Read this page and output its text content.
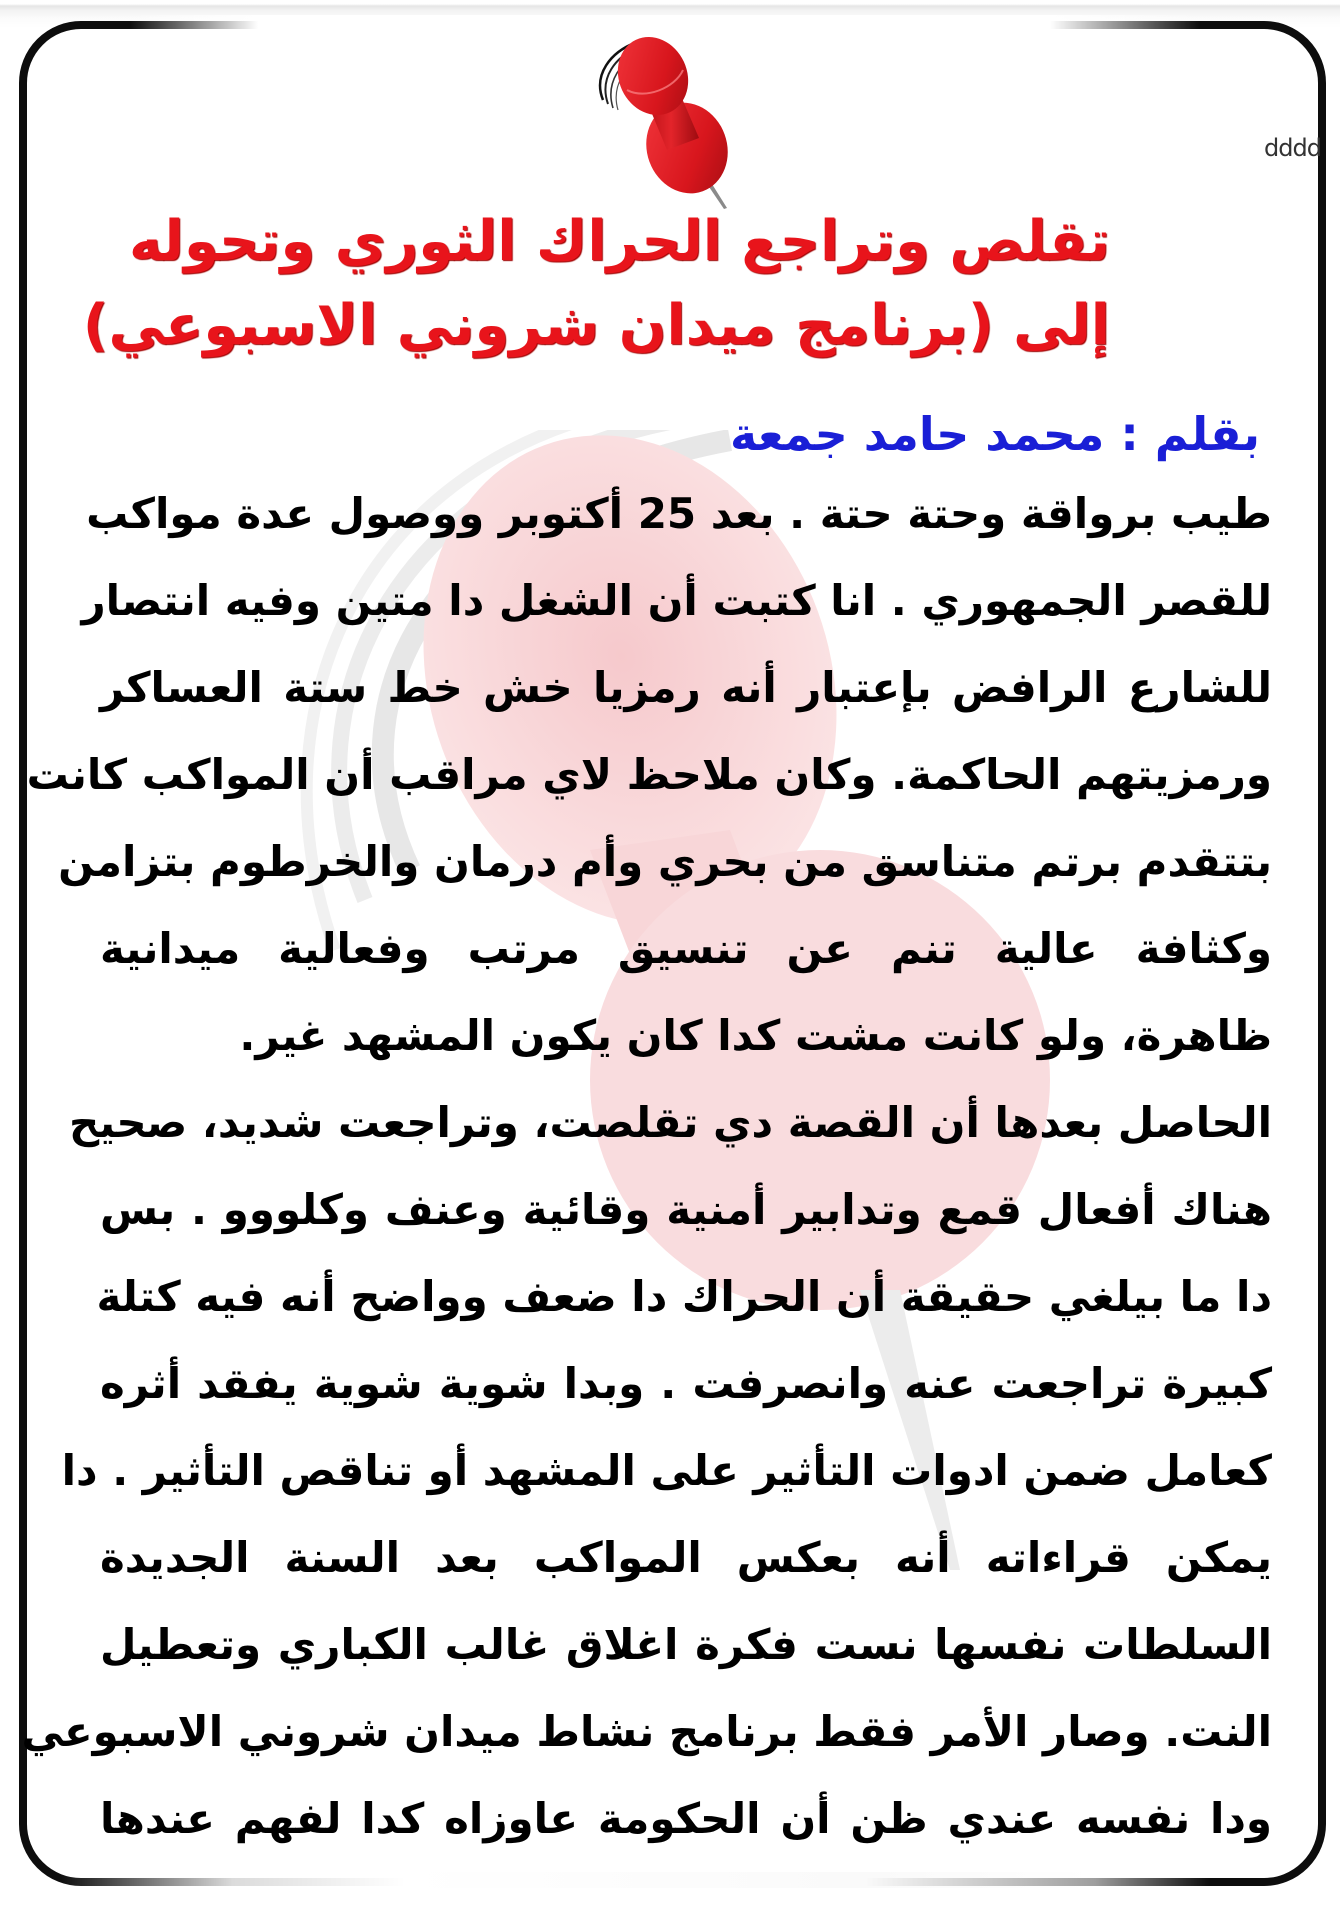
dddd
تقلص وتراجع الحراك الثوري وتحوله
إلى (برنامج ميدان شروني الاسبوعي)
بقلم : محمد حامد جمعة
طيب برواقة وحتة حتة . بعد 25 أكتوبر ووصول عدة مواكب
للقصر الجمهوري . انا كتبت أن الشغل دا متين وفيه انتصار
للشارع الرافض بإعتبار أنه رمزيا خش خط ستة العساكر
ورمزيتهم الحاكمة. وكان ملاحظ لاي مراقب أن المواكب كانت
بتتقدم برتم متناسق من بحري وأم درمان والخرطوم بتزامن
وكثافة عالية تنم عن تنسيق مرتب وفعالية ميدانية
ظاهرة، ولو كانت مشت كدا كان يكون المشهد غير.
الحاصل بعدها أن القصة دي تقلصت، وتراجعت شديد، صحيح
هناك أفعال قمع وتدابير أمنية وقائية وعنف وكلووو . بس
دا ما بيلغي حقيقة أن الحراك دا ضعف وواضح أنه فيه كتلة
كبيرة تراجعت عنه وانصرفت . وبدا شوية شوية يفقد أثره
كعامل ضمن ادوات التأثير على المشهد أو تناقص التأثير . دا
يمكن قراءاته أنه بعكس المواكب بعد السنة الجديدة
السلطات نفسها نست فكرة اغلاق غالب الكباري وتعطيل
النت. وصار الأمر فقط برنامج نشاط ميدان شروني الاسبوعي
ودا نفسه عندي ظن أن الحكومة عاوزاه كدا لفهم عندها
